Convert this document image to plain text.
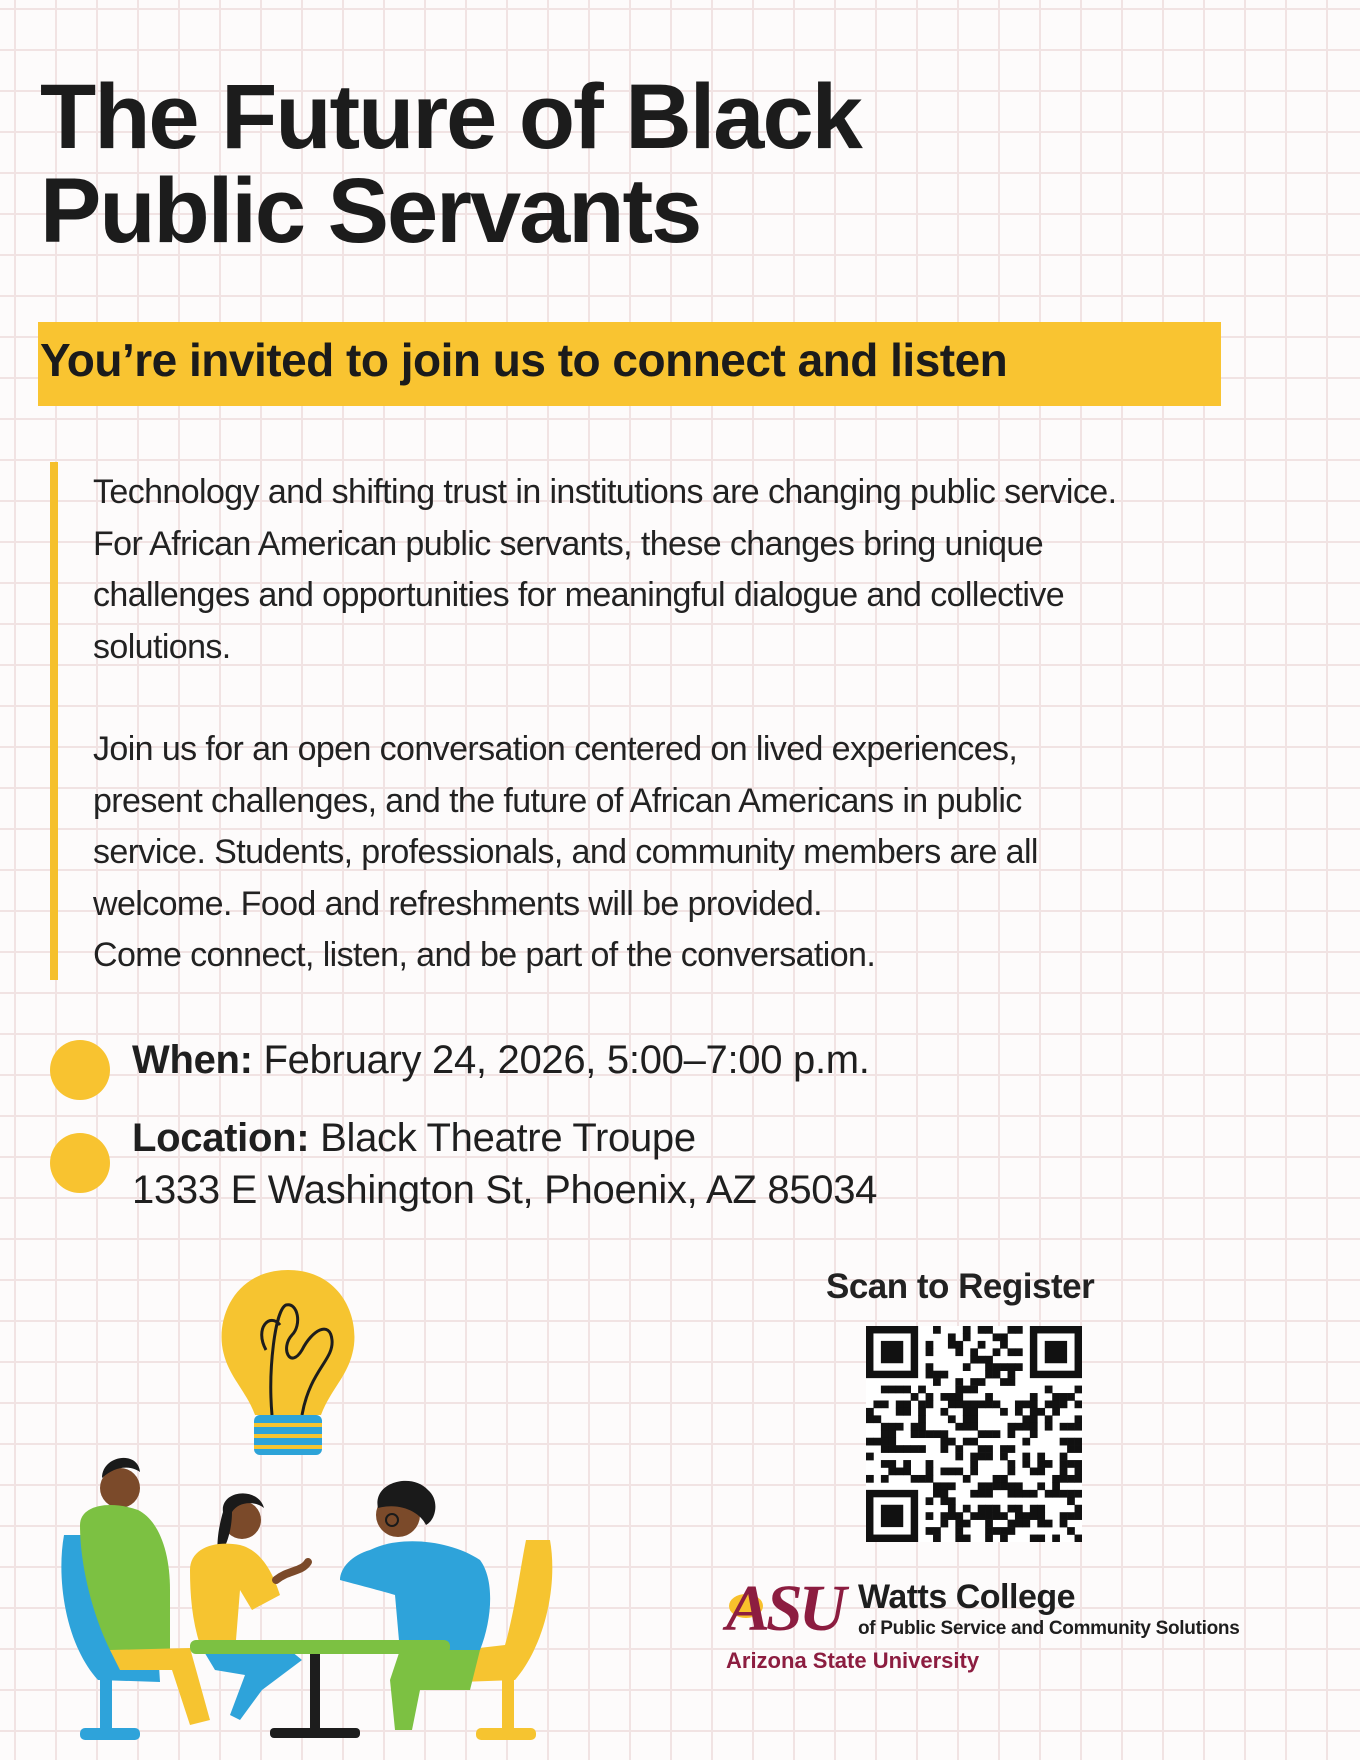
The Future of Black
Public Servants

You’re invited to join us to connect and listen

Technology and shifting trust in institutions are changing public service.
For African American public servants, these changes bring unique
challenges and opportunities for meaningful dialogue and collective
solutions.

Join us for an open conversation centered on lived experiences,
present challenges, and the future of African Americans in public
service. Students, professionals, and community members are all
welcome. Food and refreshments will be provided.
Come connect, listen, and be part of the conversation.

When: February 24, 2026, 5:00–7:00 p.m.

Location: Black Theatre Troupe
1333 E Washington St, Phoenix, AZ 85034

Scan to Register

ASU Watts College
of Public Service and Community Solutions
Arizona State University
